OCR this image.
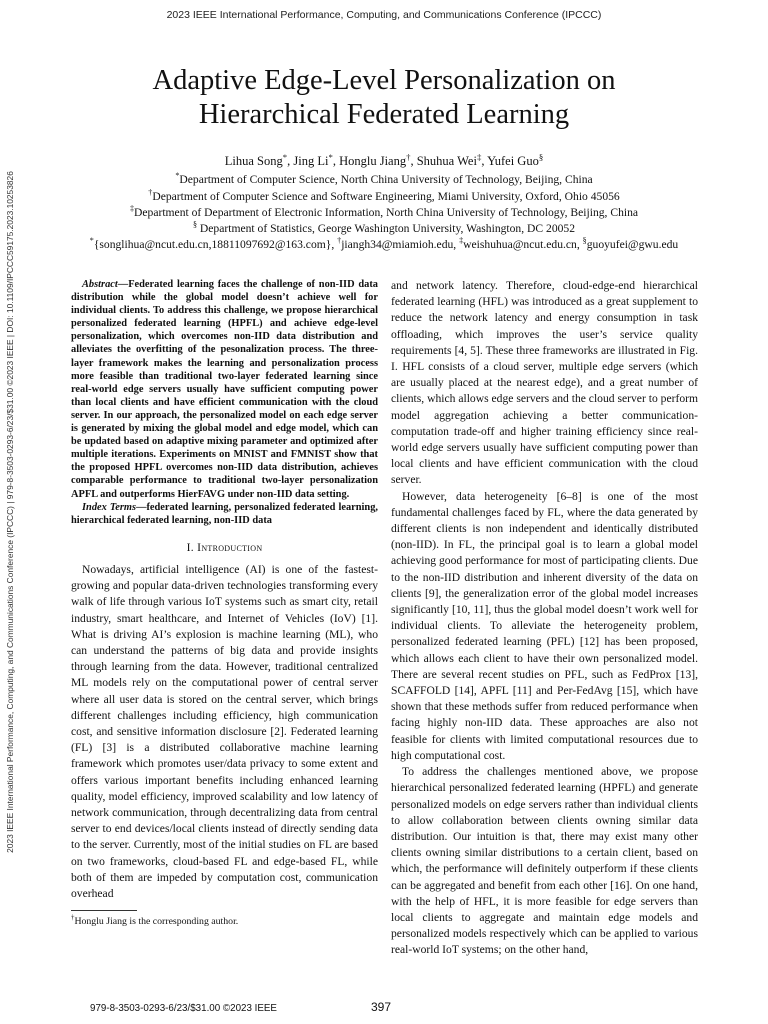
2023 IEEE International Performance, Computing, and Communications Conference (IPCCC)
2023 IEEE International Performance, Computing, and Communications Conference (IPCCC) | 979-8-3503-0293-6/23/$31.00 ©2023 IEEE | DOI: 10.1109/IPCCC59175.2023.10253826
Adaptive Edge-Level Personalization on
Hierarchical Federated Learning
Lihua Song*, Jing Li*, Honglu Jiang†, Shuhua Wei‡, Yufei Guo§
*Department of Computer Science, North China University of Technology, Beijing, China
†Department of Computer Science and Software Engineering, Miami University, Oxford, Ohio 45056
‡Department of Department of Electronic Information, North China University of Technology, Beijing, China
§ Department of Statistics, George Washington University, Washington, DC 20052
*{songlihua@ncut.edu.cn,18811097692@163.com}, †jiangh34@miamioh.edu, ‡weishuhua@ncut.edu.cn, §guoyufei@gwu.edu

Abstract—Federated learning faces the challenge of non-IID data distribution while the global model doesn’t achieve well for individual clients. To address this challenge, we propose hierarchical personalized federated learning (HPFL) and achieve edge-level personalization, which overcomes non-IID data distribution and alleviates the overfitting of the pesonalization process. The three-layer framework makes the learning and personalization process more feasible than traditional two-layer federated learning since real-world edge servers usually have sufficient computing power than local clients and have efficient communication with the cloud server. In our approach, the personalized model on each edge server is generated by mixing the global model and edge model, which can be updated based on adaptive mixing parameter and optimized after multiple iterations. Experiments on MNIST and FMNIST show that the proposed HPFL overcomes non-IID data distribution, achieves comparable performance to traditional two-layer personalization APFL and outperforms HierFAVG under non-IID data setting.

Index Terms—federated learning, personalized federated learning, hierarchical federated learning, non-IID data

I. Introduction

Nowadays, artificial intelligence (AI) is one of the fastest-growing and popular data-driven technologies transforming every walk of life through various IoT systems such as smart city, retail industry, smart healthcare, and Internet of Vehicles (IoV) [1]. What is driving AI’s explosion is machine learning (ML), who can understand the patterns of big data and provide insights through learning from the data. However, traditional centralized ML models rely on the computational power of central server where all user data is stored on the central server, which brings different challenges including efficiency, high communication cost, and sensitive information disclosure [2]. Federated learning (FL) [3] is a distributed collaborative machine learning framework which promotes user/data privacy to some extent and offers various important benefits including enhanced learning quality, model efficiency, improved scalability and low latency of network communication, through decentralizing data from central server to end devices/local clients instead of directly sending data to the server. Currently, most of the initial studies on FL are based on two frameworks, cloud-based FL and edge-based FL, while both of them are impeded by computation cost, communication overhead

and network latency. Therefore, cloud-edge-end hierarchical federated learning (HFL) was introduced as a great supplement to reduce the network latency and energy consumption in task offloading, which improves the user’s service quality requirements [4, 5]. These three frameworks are illustrated in Fig. I. HFL consists of a cloud server, multiple edge servers (which are usually placed at the nearest edge), and a great number of clients, which allows edge servers and the cloud server to perform model aggregation achieving a better communication-computation trade-off and higher training efficiency since real-world edge servers usually have sufficient computing power than local clients and have efficient communication with the cloud server.

However, data heterogeneity [6–8] is one of the most fundamental challenges faced by FL, where the data generated by different clients is non independent and identically distributed (non-IID). In FL, the principal goal is to learn a global model achieving good performance for most of participating clients. Due to the non-IID distribution and inherent diversity of the data on clients [9], the generalization error of the global model increases significantly [10, 11], thus the global model doesn’t work well for individual clients. To alleviate the heterogeneity problem, personalized federated learning (PFL) [12] has been proposed, which allows each client to have their own personalized model. There are several recent studies on PFL, such as FedProx [13], SCAFFOLD [14], APFL [11] and Per-FedAvg [15], which have shown that these methods suffer from reduced performance when facing highly non-IID data. These approaches are also not feasible for clients with limited computational resources due to high computational cost.

To address the challenges mentioned above, we propose hierarchical personalized federated learning (HPFL) and generate personalized models on edge servers rather than individual clients to allow collaboration between clients owning similar data distribution. Our intuition is that, there may exist many other clients owning similar distributions to a certain client, based on which, the performance will definitely outperform if these clients can be aggregated and benefit from each other [16]. On one hand, with the help of HFL, it is more feasible for edge servers than local clients to aggregate and maintain edge models and personalized models respectively which can be applied to various real-world IoT systems; on the other hand,

†Honglu Jiang is the corresponding author.
979-8-3503-0293-6/23/$31.00 ©2023 IEEE	397
